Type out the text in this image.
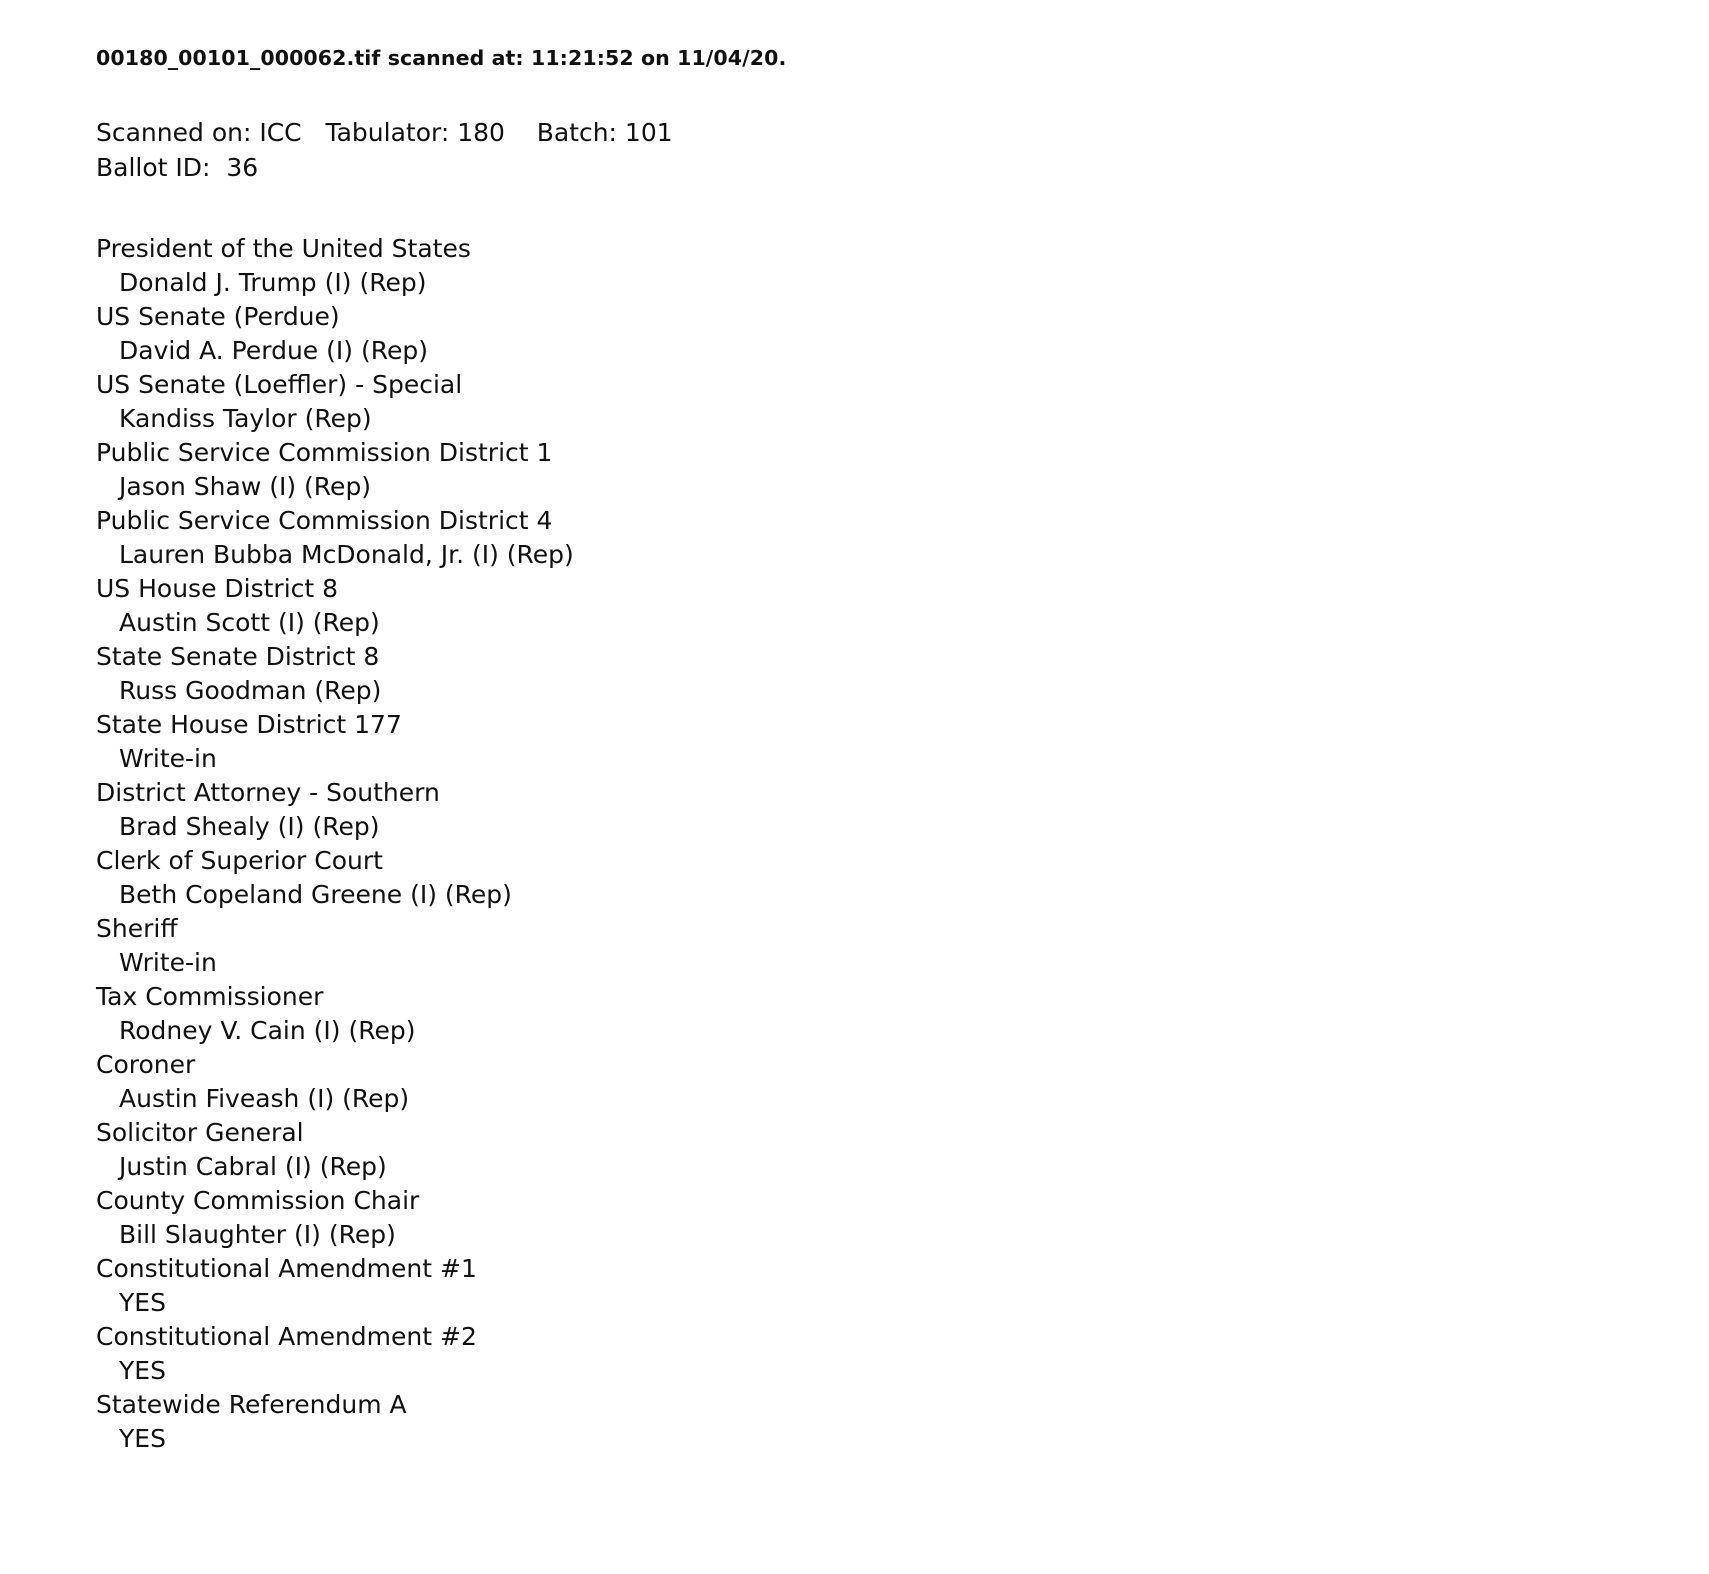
00180_00101_000062.tif scanned at: 11:21:52 on 11/04/20.

Scanned on: ICC   Tabulator: 180    Batch: 101

Ballot ID:  36

President of the United States

Donald J. Trump (I) (Rep)

US Senate (Perdue)

David A. Perdue (I) (Rep)

US Senate (Loeffler) - Special

Kandiss Taylor (Rep)

Public Service Commission District 1

Jason Shaw (I) (Rep)

Public Service Commission District 4

Lauren Bubba McDonald, Jr. (I) (Rep)

US House District 8

Austin Scott (I) (Rep)

State Senate District 8

Russ Goodman (Rep)

State House District 177

Write-in

District Attorney - Southern

Brad Shealy (I) (Rep)

Clerk of Superior Court

Beth Copeland Greene (I) (Rep)

Sheriff

Write-in

Tax Commissioner

Rodney V. Cain (I) (Rep)

Coroner

Austin Fiveash (I) (Rep)

Solicitor General

Justin Cabral (I) (Rep)

County Commission Chair

Bill Slaughter (I) (Rep)

Constitutional Amendment #1

YES

Constitutional Amendment #2

YES

Statewide Referendum A

YES
